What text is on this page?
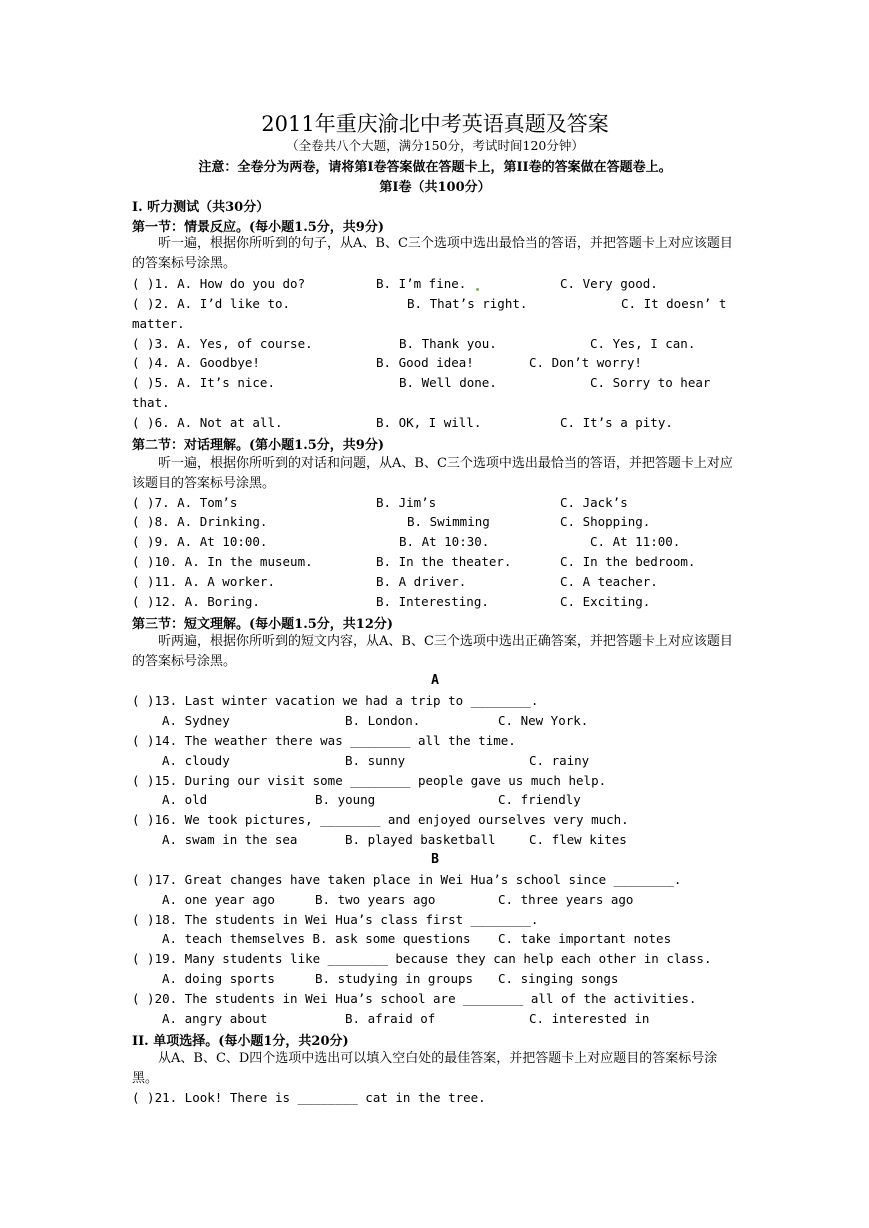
2011年重庆渝北中考英语真题及答案
（全卷共八个大题，满分150分，考试时间120分钟）
注意：全卷分为两卷，请将第I卷答案做在答题卡上，第II卷的答案做在答题卷上。
第I卷（共100分）
I. 听力测试（共30分）
第一节：情景反应。(每小题1.5分，共9分)
听一遍，根据你所听到的句子，从A、B、C三个选项中选出最恰当的答语，并把答题卡上对应该题目的答案标号涂黑。
( )1. A. How do you do?	B. I’m fine.	C. Very good.
( )2. A. I’d like to.	B. That’s right.	C. It doesn’ t
matter.
( )3. A. Yes, of course.	B. Thank you.	C. Yes, I can.
( )4. A. Goodbye!	B. Good idea!	C. Don’t worry!
( )5. A. It’s nice.	B. Well done.	C. Sorry to hear
that.
( )6. A. Not at all.	B. OK, I will.	C. It’s a pity.
第二节：对话理解。(第小题1.5分，共9分)
听一遍，根据你所听到的对话和问题，从A、B、C三个选项中选出最恰当的答语，并把答题卡上对应该题目的答案标号涂黑。
( )7. A. Tom’s	B. Jim’s	C. Jack’s
( )8. A. Drinking.	B. Swimming	C. Shopping.
( )9. A. At 10:00.	B. At 10:30.	C. At 11:00.
( )10. A. In the museum.	B. In the theater.	C. In the bedroom.
( )11. A. A worker.	B. A driver.	C. A teacher.
( )12. A. Boring.	B. Interesting.	C. Exciting.
第三节：短文理解。(每小题1.5分，共12分)
听两遍，根据你所听到的短文内容，从A、B、C三个选项中选出正确答案，并把答题卡上对应该题目的答案标号涂黑。
A
( )13. Last winter vacation we had a trip to ________.
A. Sydney	B. London.	C. New York.
( )14. The weather there was ________ all the time.
A. cloudy	B. sunny	C. rainy
( )15. During our visit some ________ people gave us much help.
A. old	B. young	C. friendly
( )16. We took pictures, ________ and enjoyed ourselves very much.
A. swam in the sea	B. played basketball	C. flew kites
B
( )17. Great changes have taken place in Wei Hua’s school since ________.
A. one year ago	B. two years ago	C. three years ago
( )18. The students in Wei Hua’s class first ________.
A. teach themselves B. ask some questions C. take important notes
( )19. Many students like ________ because they can help each other in class.
A. doing sports	B. studying in groups C. singing songs
( )20. The students in Wei Hua’s school are ________ all of the activities.
A. angry about	B. afraid of	C. interested in
II. 单项选择。(每小题1分，共20分)
从A、B、C、D四个选项中选出可以填入空白处的最佳答案，并把答题卡上对应题目的答案标号涂黑。
( )21. Look! There is ________ cat in the tree.
